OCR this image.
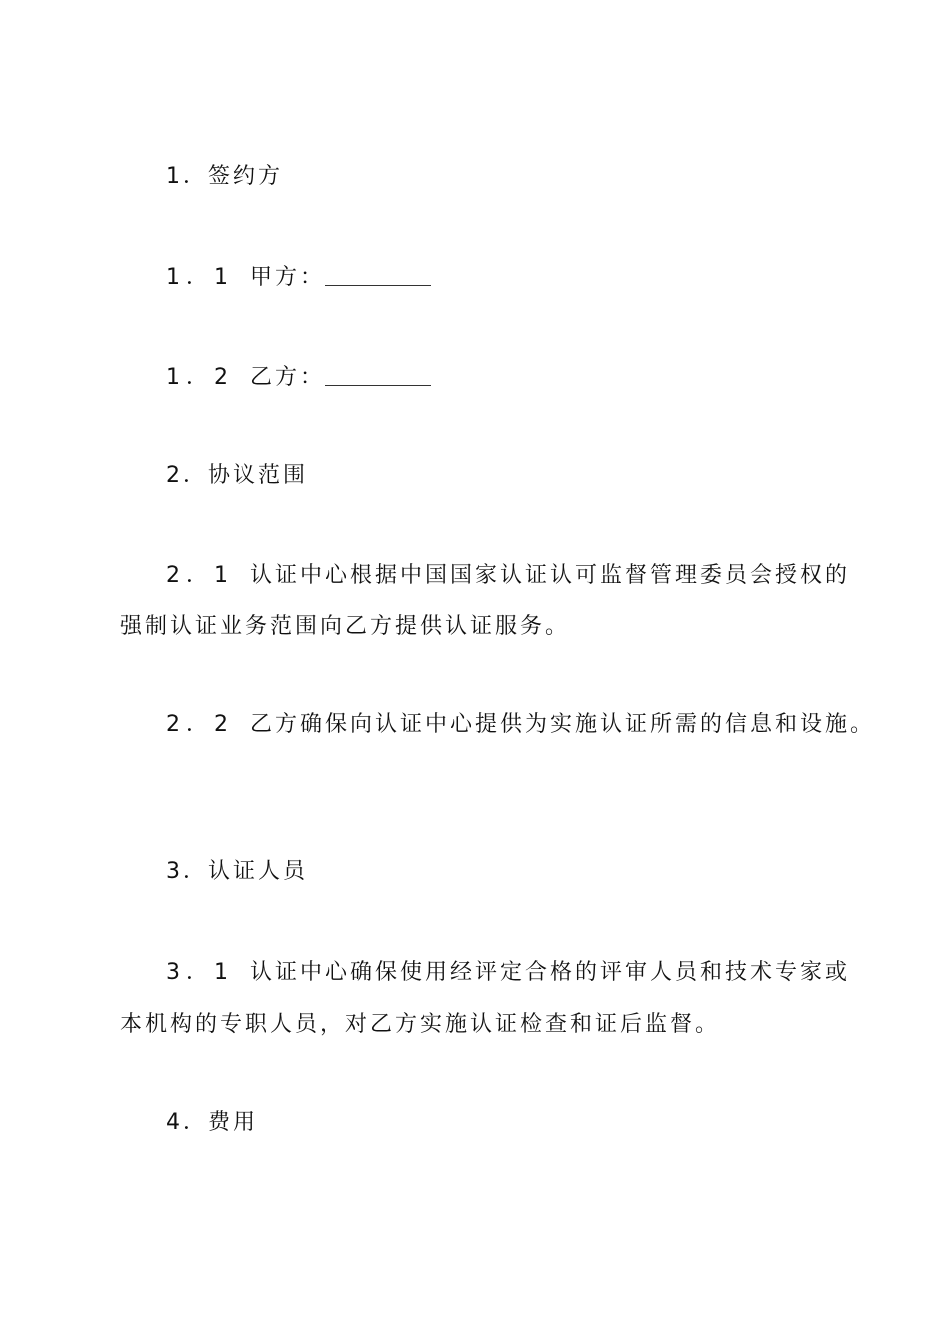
1．签约方
1．1 甲方：
1．2 乙方：
2．协议范围
2．1 认证中心根据中国国家认证认可监督管理委员会授权的
强制认证业务范围向乙方提供认证服务。
2．2 乙方确保向认证中心提供为实施认证所需的信息和设施。
3．认证人员
3．1 认证中心确保使用经评定合格的评审人员和技术专家或
本机构的专职人员，对乙方实施认证检查和证后监督。
4．费用
